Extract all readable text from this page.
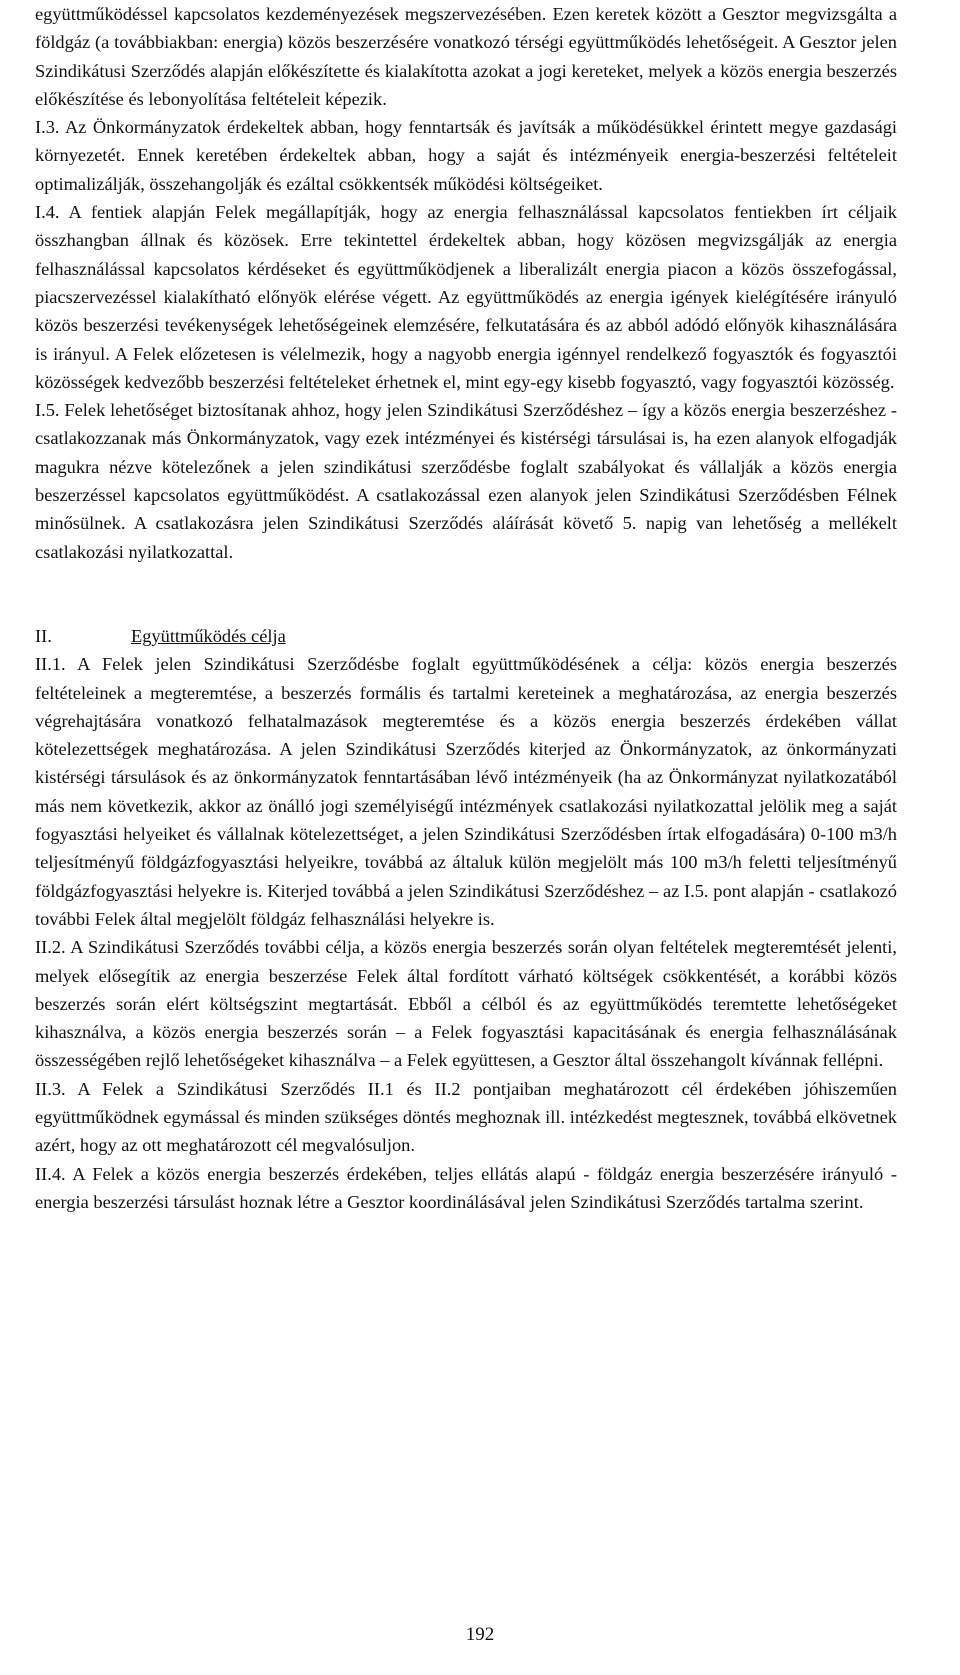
együttműködéssel kapcsolatos kezdeményezések megszervezésében. Ezen keretek között a Gesztor megvizsgálta a földgáz (a továbbiakban: energia) közös beszerzésére vonatkozó térségi együttműködés lehetőségeit. A Gesztor jelen Szindikátusi Szerződés alapján előkészítette és kialakította azokat a jogi kereteket, melyek a közös energia beszerzés előkészítése és lebonyolítása feltételeit képezik.

I.3. Az Önkormányzatok érdekeltek abban, hogy fenntartsák és javítsák a működésükkel érintett megye gazdasági környezetét. Ennek keretében érdekeltek abban, hogy a saját és intézményeik energia-beszerzési feltételeit optimalizálják, összehangolják és ezáltal csökkentsék működési költségeiket.

I.4. A fentiek alapján Felek megállapítják, hogy az energia felhasználással kapcsolatos fentiekben írt céljaik összhangban állnak és közösek. Erre tekintettel érdekeltek abban, hogy közösen megvizsgálják az energia felhasználással kapcsolatos kérdéseket és együttműködjenek a liberalizált energia piacon a közös összefogással, piacszervezéssel kialakítható előnyök elérése végett. Az együttműködés az energia igények kielégítésére irányuló közös beszerzési tevékenységek lehetőségeinek elemzésére, felkutatására és az abból adódó előnyök kihasználására is irányul. A Felek előzetesen is vélelmezik, hogy a nagyobb energia igénnyel rendelkező fogyasztók és fogyasztói közösségek kedvezőbb beszerzési feltételeket érhetnek el, mint egy-egy kisebb fogyasztó, vagy fogyasztói közösség.

I.5. Felek lehetőséget biztosítanak ahhoz, hogy jelen Szindikátusi Szerződéshez – így a közös energia beszerzéshez - csatlakozzanak más Önkormányzatok, vagy ezek intézményei és kistérségi társulásai is, ha ezen alanyok elfogadják magukra nézve kötelezőnek a jelen szindikátusi szerződésbe foglalt szabályokat és vállalják a közös energia beszerzéssel kapcsolatos együttműködést. A csatlakozással ezen alanyok jelen Szindikátusi Szerződésben Félnek minősülnek. A csatlakozásra jelen Szindikátusi Szerződés aláírását követő 5. napig van lehetőség a mellékelt csatlakozási nyilatkozattal.

II.	Együttműködés célja

II.1. A Felek jelen Szindikátusi Szerződésbe foglalt együttműködésének a célja: közös energia beszerzés feltételeinek a megteremtése, a beszerzés formális és tartalmi kereteinek a meghatározása, az energia beszerzés végrehajtására vonatkozó felhatalmazások megteremtése és a közös energia beszerzés érdekében vállat kötelezettségek meghatározása. A jelen Szindikátusi Szerződés kiterjed az Önkormányzatok, az önkormányzati kistérségi társulások és az önkormányzatok fenntartásában lévő intézményeik (ha az Önkormányzat nyilatkozatából más nem következik, akkor az önálló jogi személyiségű intézmények csatlakozási nyilatkozattal jelölik meg a saját fogyasztási helyeiket és vállalnak kötelezettséget, a jelen Szindikátusi Szerződésben írtak elfogadására) 0-100 m3/h teljesítményű földgázfogyasztási helyeikre, továbbá az általuk külön megjelölt más 100 m3/h feletti teljesítményű földgázfogyasztási helyekre is. Kiterjed továbbá a jelen Szindikátusi Szerződéshez – az I.5. pont alapján - csatlakozó további Felek által megjelölt földgáz felhasználási helyekre is.

II.2. A Szindikátusi Szerződés további célja, a közös energia beszerzés során olyan feltételek megteremtését jelenti, melyek elősegítik az energia beszerzése Felek által fordított várható költségek csökkentését, a korábbi közös beszerzés során elért költségszint megtartását. Ebből a célból és az együttműködés teremtette lehetőségeket kihasználva, a közös energia beszerzés során – a Felek fogyasztási kapacitásának és energia felhasználásának összességében rejlő lehetőségeket kihasználva – a Felek együttesen, a Gesztor által összehangolt kívánnak fellépni.

II.3. A Felek a Szindikátusi Szerződés II.1 és II.2 pontjaiban meghatározott cél érdekében jóhiszeműen együttműködnek egymással és minden szükséges döntés meghoznak ill. intézkedést megtesznek, továbbá elkövetnek azért, hogy az ott meghatározott cél megvalósuljon.

II.4. A Felek a közös energia beszerzés érdekében, teljes ellátás alapú - földgáz energia beszerzésére irányuló - energia beszerzési társulást hoznak létre a Gesztor koordinálásával jelen Szindikátusi Szerződés tartalma szerint.

192
